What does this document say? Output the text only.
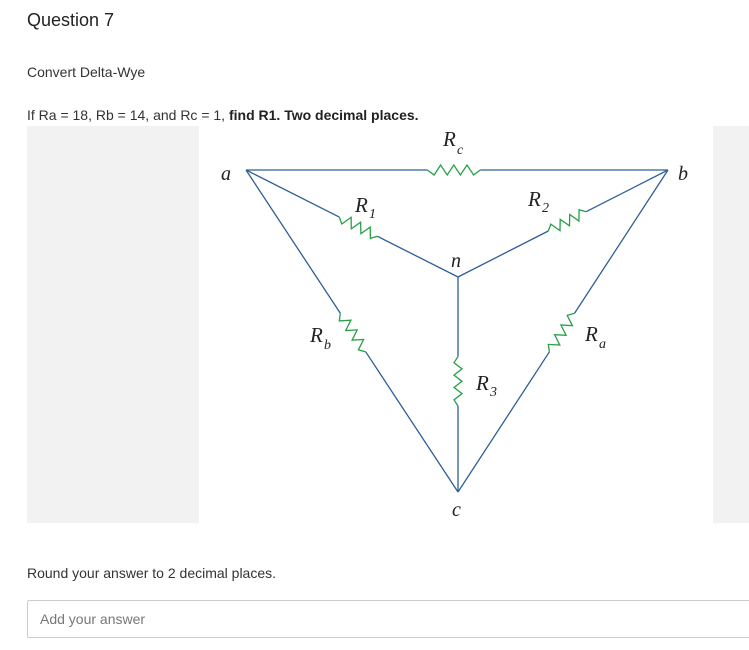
Question 7
Convert Delta-Wye
If Ra = 18, Rb = 14, and Rc = 1, find R1. Two decimal places.
a	b
c
n
R c
R 1
R 2
R b	R a
R 3
Round your answer to 2 decimal places.
Add your answer
